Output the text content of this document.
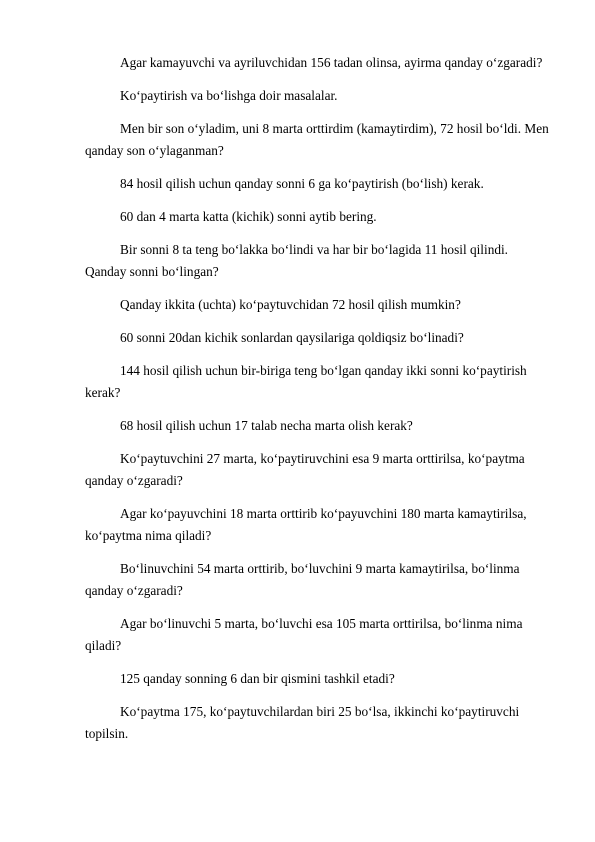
Agar kamayuvchi va ayriluvchidan 156 tadan olinsa, ayirma qanday oʻzgaradi?

Koʻpaytirish va boʻlishga doir masalalar.

Men bir son oʻyladim, uni 8 marta orttirdim (kamaytirdim), 72 hosil boʻldi. Men qanday son oʻylaganman?

84 hosil qilish uchun qanday sonni 6 ga koʻpaytirish (boʻlish) kerak.

60 dan 4 marta katta (kichik) sonni aytib bering.

Bir sonni 8 ta teng boʻlakka boʻlindi va har bir boʻlagida 11 hosil qilindi. Qanday sonni boʻlingan?

Qanday ikkita (uchta) koʻpaytuvchidan 72 hosil qilish mumkin?

60 sonni 20dan kichik sonlardan qaysilariga qoldiqsiz boʻlinadi?

144 hosil qilish uchun bir-biriga teng boʻlgan qanday ikki sonni koʻpaytirish kerak?

68 hosil qilish uchun 17 talab necha marta olish kerak?

Koʻpaytuvchini 27 marta, koʻpaytiruvchini esa 9 marta orttirilsa, koʻpaytma qanday oʻzgaradi?

Agar koʻpayuvchini 18 marta orttirib koʻpayuvchini 180 marta kamaytirilsa, koʻpaytma nima qiladi?

Boʻlinuvchini 54 marta orttirib, boʻluvchini 9 marta kamaytirilsa, boʻlinma qanday oʻzgaradi?

Agar boʻlinuvchi 5 marta, boʻluvchi esa 105 marta orttirilsa, boʻlinma nima qiladi?

125 qanday sonning 6 dan bir qismini tashkil etadi?

Koʻpaytma 175, koʻpaytuvchilardan biri 25 boʻlsa, ikkinchi koʻpaytiruvchi topilsin.
